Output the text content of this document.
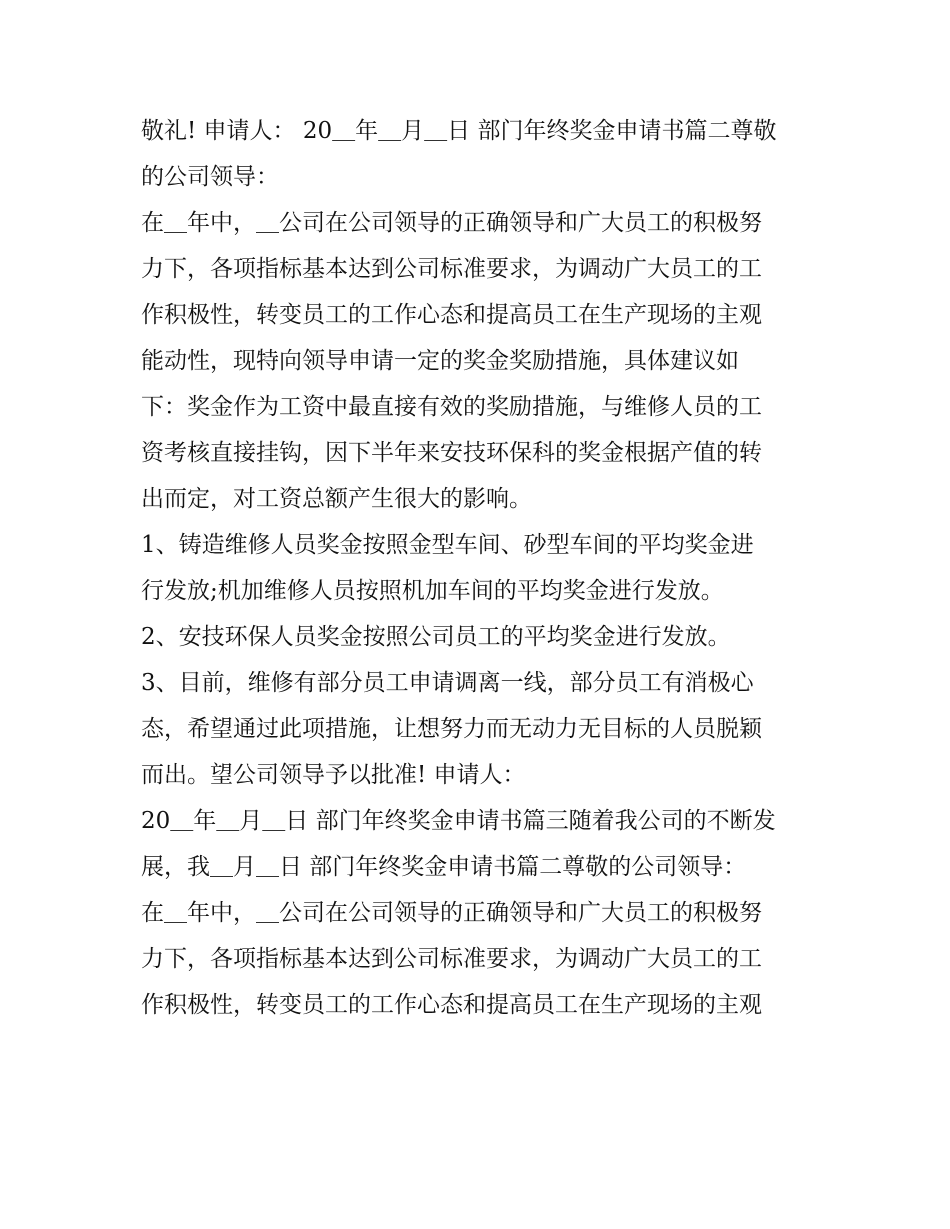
敬礼! 申请人： 20＿年＿月＿日 部门年终奖金申请书篇二尊敬
的公司领导：
在＿年中，＿公司在公司领导的正确领导和广大员工的积极努
力下，各项指标基本达到公司标准要求，为调动广大员工的工
作积极性，转变员工的工作心态和提高员工在生产现场的主观
能动性，现特向领导申请一定的奖金奖励措施，具体建议如
下：奖金作为工资中最直接有效的奖励措施，与维修人员的工
资考核直接挂钩，因下半年来安技环保科的奖金根据产值的转
出而定，对工资总额产生很大的影响。
1、铸造维修人员奖金按照金型车间、砂型车间的平均奖金进
行发放;机加维修人员按照机加车间的平均奖金进行发放。
2、安技环保人员奖金按照公司员工的平均奖金进行发放。
3、目前，维修有部分员工申请调离一线，部分员工有消极心
态，希望通过此项措施，让想努力而无动力无目标的人员脱颖
而出。望公司领导予以批准! 申请人：
20＿年＿月＿日 部门年终奖金申请书篇三随着我公司的不断发
展，我＿月＿日 部门年终奖金申请书篇二尊敬的公司领导：
在＿年中，＿公司在公司领导的正确领导和广大员工的积极努
力下，各项指标基本达到公司标准要求，为调动广大员工的工
作积极性，转变员工的工作心态和提高员工在生产现场的主观
